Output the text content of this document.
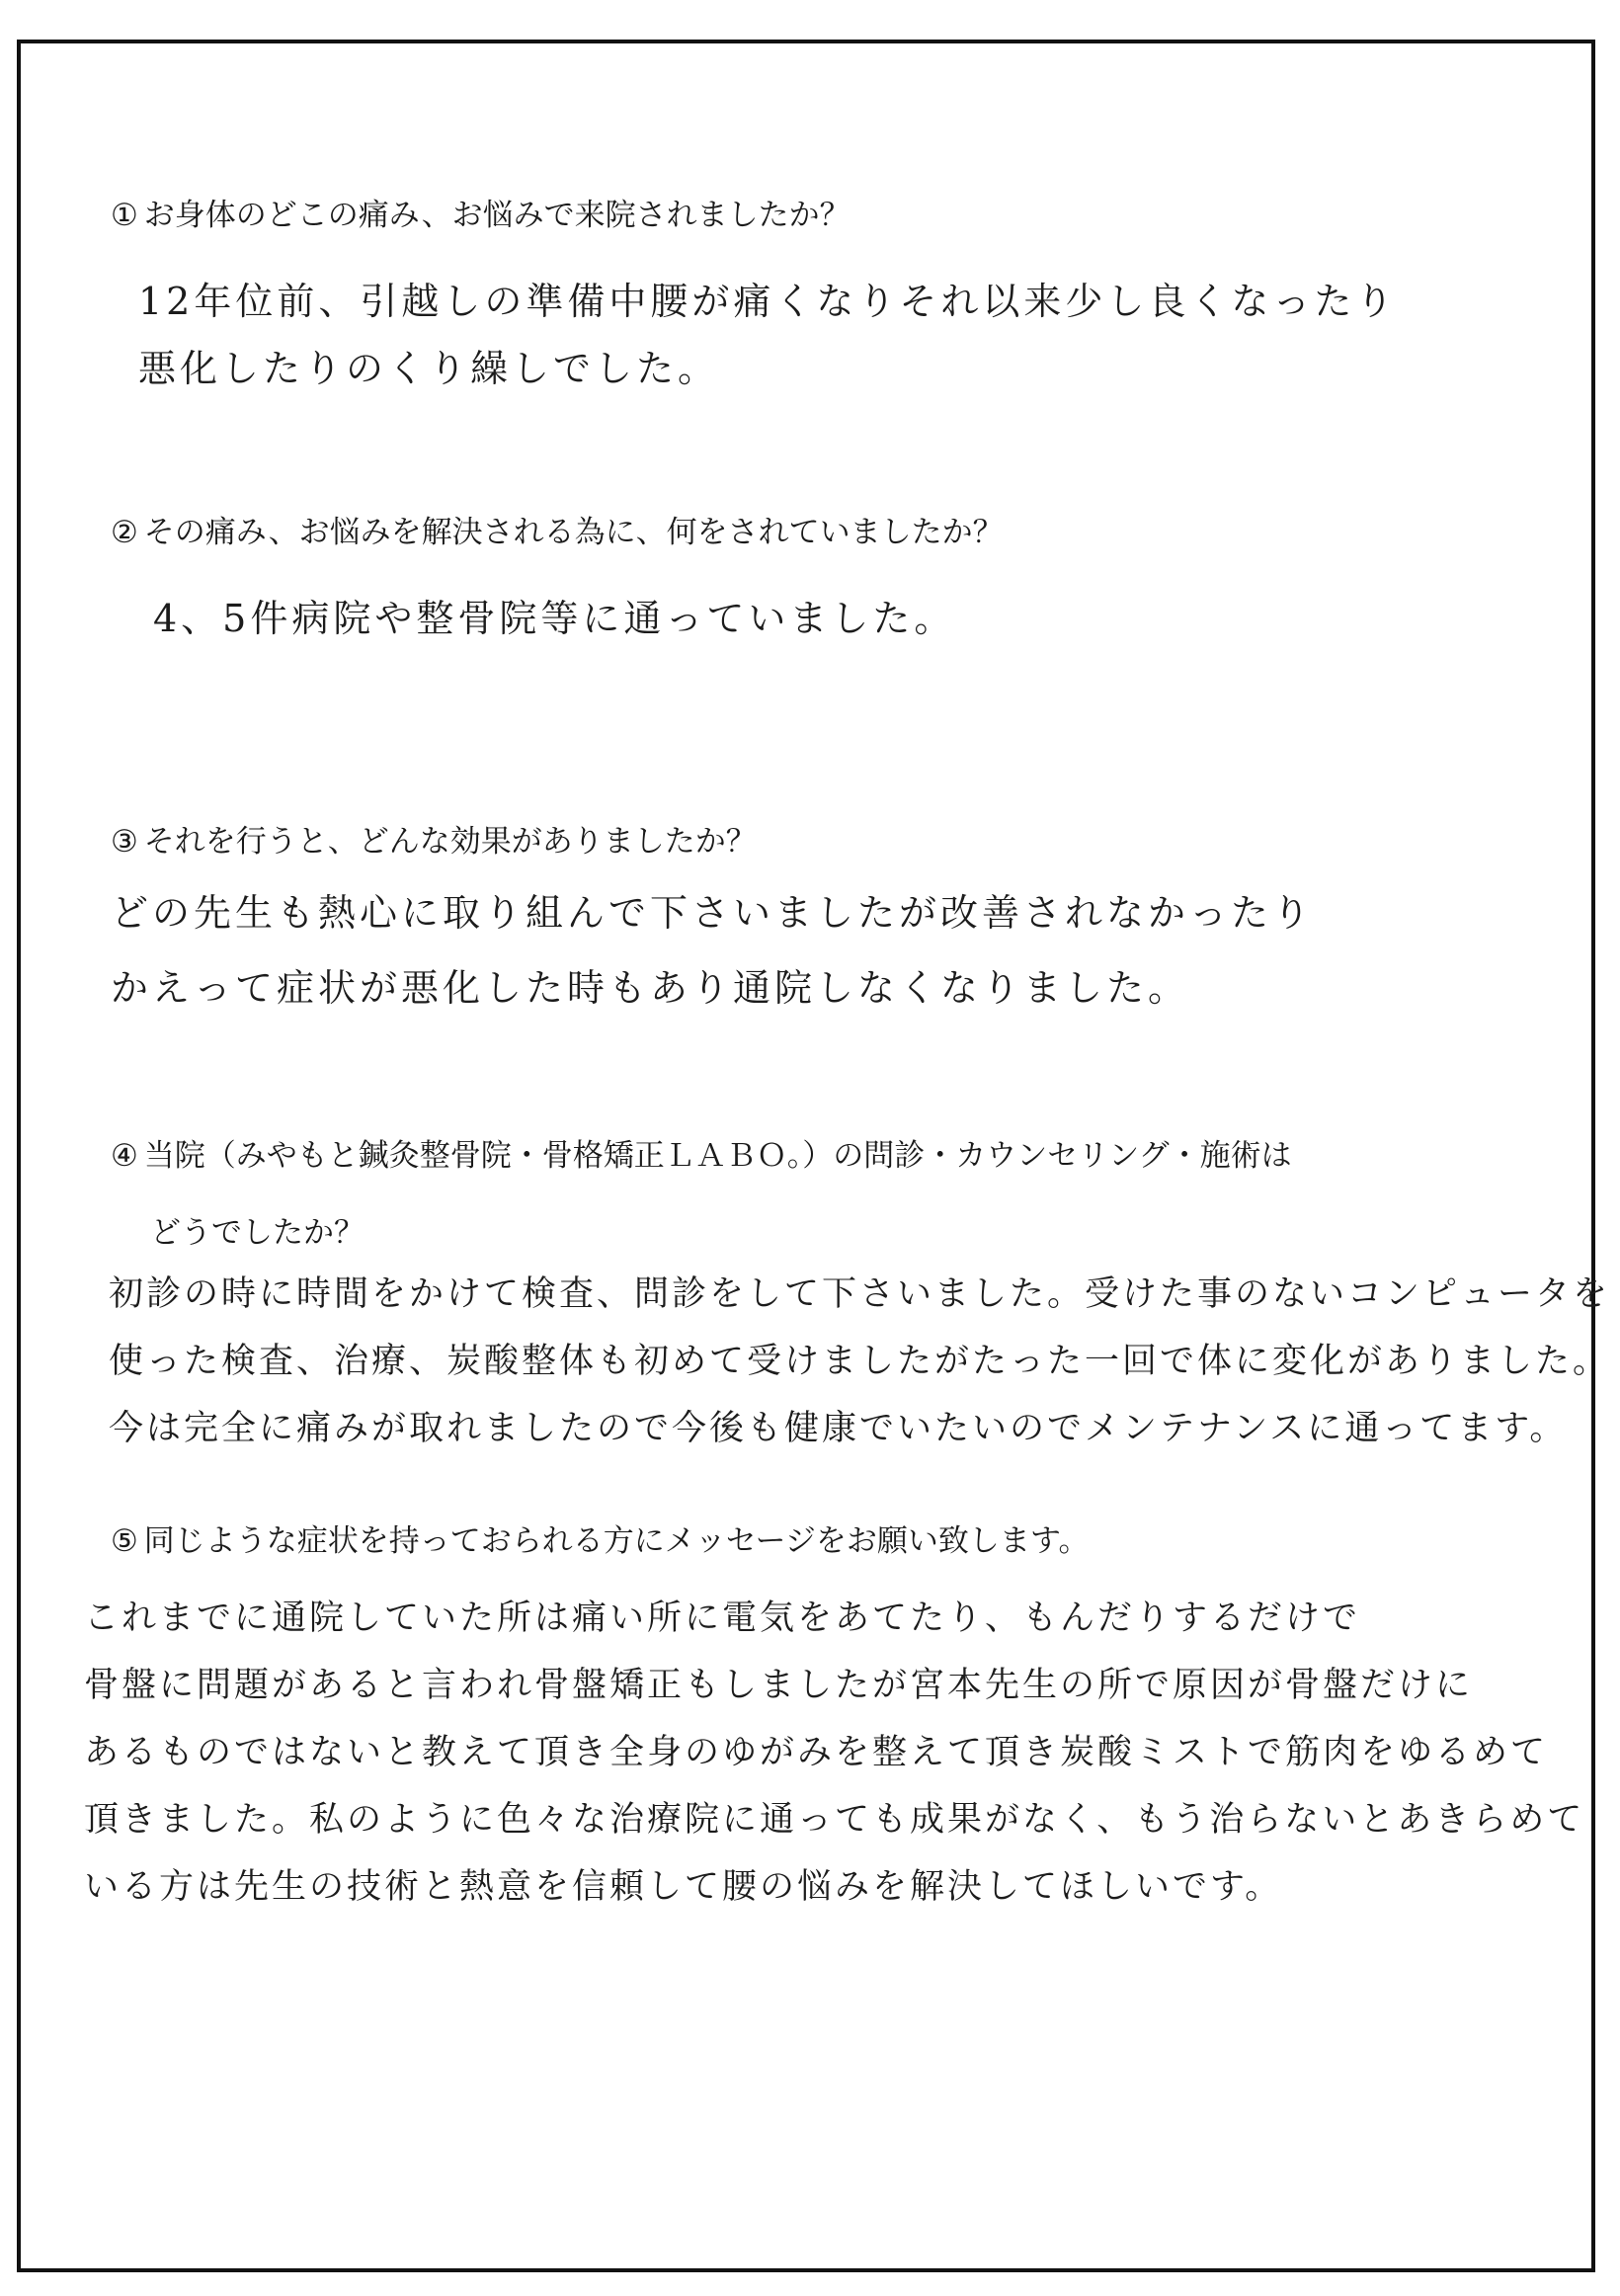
① お身体のどこの痛み、お悩みで来院されましたか？
12年位前、引越しの準備中腰が痛くなりそれ以来少し良くなったり
悪化したりのくり繰しでした。
② その痛み、お悩みを解決される為に、何をされていましたか？
4、5件病院や整骨院等に通っていました。
③ それを行うと、どんな効果がありましたか？
どの先生も熱心に取り組んで下さいましたが改善されなかったり
かえって症状が悪化した時もあり通院しなくなりました。
④ 当院（みやもと鍼灸整骨院・骨格矯正ＬＡＢＯ。）の問診・カウンセリング・施術は
どうでしたか？
初診の時に時間をかけて検査、問診をして下さいました。受けた事のないコンピュータを
使った検査、治療、炭酸整体も初めて受けましたがたった一回で体に変化がありました。
今は完全に痛みが取れましたので今後も健康でいたいのでメンテナンスに通ってます。
⑤ 同じような症状を持っておられる方にメッセージをお願い致します。
これまでに通院していた所は痛い所に電気をあてたり、もんだりするだけで
骨盤に問題があると言われ骨盤矯正もしましたが宮本先生の所で原因が骨盤だけに
あるものではないと教えて頂き全身のゆがみを整えて頂き炭酸ミストで筋肉をゆるめて
頂きました。私のように色々な治療院に通っても成果がなく、もう治らないとあきらめて
いる方は先生の技術と熱意を信頼して腰の悩みを解決してほしいです。
